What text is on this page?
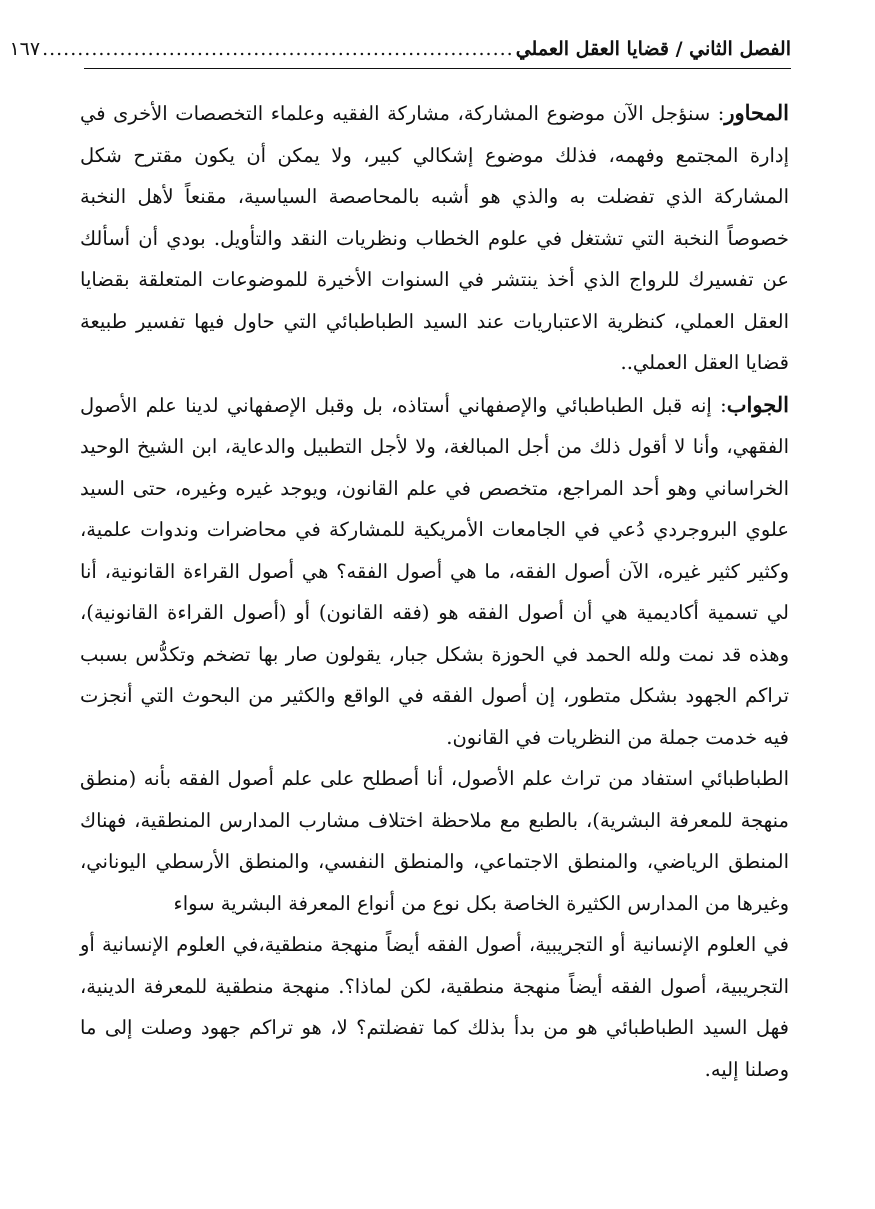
الفصل الثاني / قضايا العقل العملي
...................................................................
١٦٧

المحاور: سنؤجل الآن موضوع المشاركة، مشاركة الفقيه وعلماء التخصصات الأخرى في إدارة المجتمع وفهمه، فذلك موضوع إشكالي كبير، ولا يمكن أن يكون مقترح شكل المشاركة الذي تفضلت به والذي هو أشبه بالمحاصصة السياسية، مقنعاً لأهل النخبة خصوصاً النخبة التي تشتغل في علوم الخطاب ونظريات النقد والتأويل. بودي أن أسألك عن تفسيرك للرواج الذي أخذ ينتشر في السنوات الأخيرة للموضوعات المتعلقة بقضايا العقل العملي، كنظرية الاعتباريات عند السيد الطباطبائي التي حاول فيها تفسير طبيعة قضايا العقل العملي..

الجواب: إنه قبل الطباطبائي والإصفهاني أستاذه، بل وقبل الإصفهاني لدينا علم الأصول الفقهي، وأنا لا أقول ذلك من أجل المبالغة، ولا لأجل التطبيل والدعاية، ابن الشيخ الوحيد الخراساني وهو أحد المراجع، متخصص في علم القانون، ويوجد غيره وغيره، حتى السيد علوي البروجردي دُعي في الجامعات الأمريكية للمشاركة في محاضرات وندوات علمية، وكثير كثير غيره، الآن أصول الفقه، ما هي أصول الفقه؟ هي أصول القراءة القانونية، أنا لي تسمية أكاديمية هي أن أصول الفقه هو (فقه القانون) أو (أصول القراءة القانونية)، وهذه قد نمت ولله الحمد في الحوزة بشكل جبار، يقولون صار بها تضخم وتكدُّس بسبب تراكم الجهود بشكل متطور، إن أصول الفقه في الواقع والكثير من البحوث التي أنجزت فيه خدمت جملة من النظريات في القانون.

الطباطبائي استفاد من تراث علم الأصول، أنا أصطلح على علم أصول الفقه بأنه (منطق منهجة للمعرفة البشرية)، بالطبع مع ملاحظة اختلاف مشارب المدارس المنطقية، فهناك المنطق الرياضي، والمنطق الاجتماعي، والمنطق النفسي، والمنطق الأرسطي اليوناني، وغيرها من المدارس الكثيرة الخاصة بكل نوع من أنواع المعرفة البشرية سواء

في العلوم الإنسانية أو التجريبية، أصول الفقه أيضاً منهجة منطقية،في العلوم الإنسانية أو التجريبية، أصول الفقه أيضاً منهجة منطقية، لكن لماذا؟. منهجة منطقية للمعرفة الدينية، فهل السيد الطباطبائي هو من بدأ بذلك كما تفضلتم؟ لا، هو تراكم جهود وصلت إلى ما وصلنا إليه.
